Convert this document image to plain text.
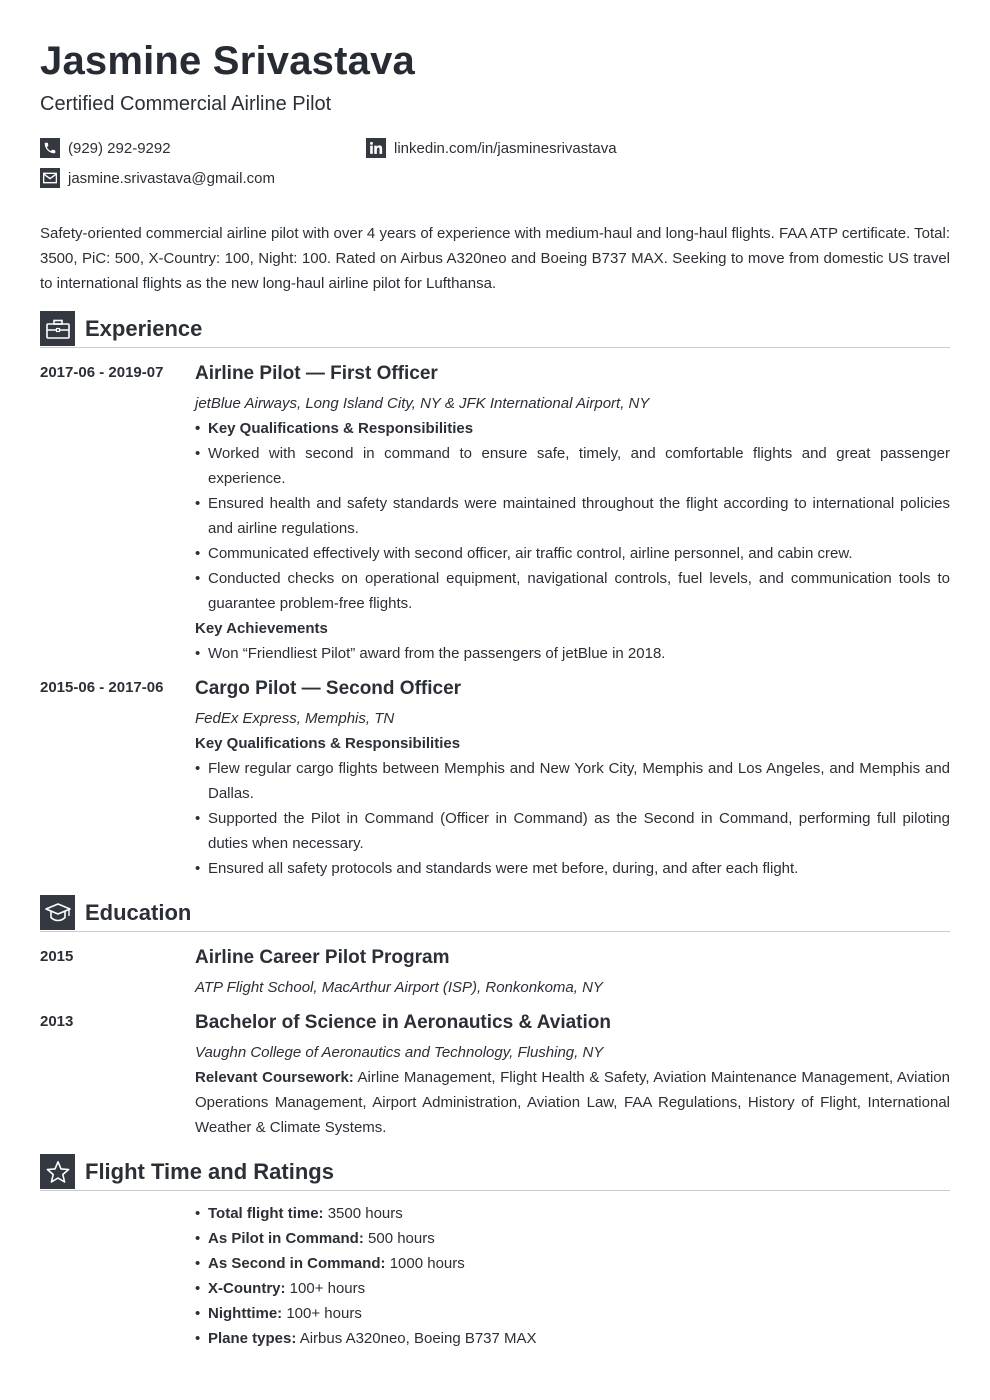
Jasmine Srivastava
Certified Commercial Airline Pilot
(929) 292-9292
jasmine.srivastava@gmail.com
linkedin.com/in/jasminesrivastava

Safety-oriented commercial airline pilot with over 4 years of experience with medium-haul and long-haul flights. FAA ATP certificate. Total: 3500, PiC: 500, X-Country: 100, Night: 100. Rated on Airbus A320neo and Boeing B737 MAX. Seeking to move from domestic US travel to international flights as the new long-haul airline pilot for Lufthansa.

Experience
2017-06 - 2019-07 Airline Pilot — First Officer
jetBlue Airways, Long Island City, NY & JFK International Airport, NY
• Key Qualifications & Responsibilities
• Worked with second in command to ensure safe, timely, and comfortable flights and great passenger experience.
• Ensured health and safety standards were maintained throughout the flight according to international policies and airline regulations.
• Communicated effectively with second officer, air traffic control, airline personnel, and cabin crew.
• Conducted checks on operational equipment, navigational controls, fuel levels, and communication tools to guarantee problem-free flights.
Key Achievements
• Won “Friendliest Pilot” award from the passengers of jetBlue in 2018.
2015-06 - 2017-06 Cargo Pilot — Second Officer
FedEx Express, Memphis, TN
Key Qualifications & Responsibilities
• Flew regular cargo flights between Memphis and New York City, Memphis and Los Angeles, and Memphis and Dallas.
• Supported the Pilot in Command (Officer in Command) as the Second in Command, performing full piloting duties when necessary.
• Ensured all safety protocols and standards were met before, during, and after each flight.
Education
2015	Airline Career Pilot Program
ATP Flight School, MacArthur Airport (ISP), Ronkonkoma, NY
2013	Bachelor of Science in Aeronautics & Aviation
Vaughn College of Aeronautics and Technology, Flushing, NY
Relevant Coursework: Airline Management, Flight Health & Safety, Aviation Maintenance Management, Aviation Operations Management, Airport Administration, Aviation Law, FAA Regulations, History of Flight, International Weather & Climate Systems.
Flight Time and Ratings
• Total flight time: 3500 hours
• As Pilot in Command: 500 hours
• As Second in Command: 1000 hours
• X-Country: 100+ hours
• Nighttime: 100+ hours
• Plane types: Airbus A320neo, Boeing B737 MAX
